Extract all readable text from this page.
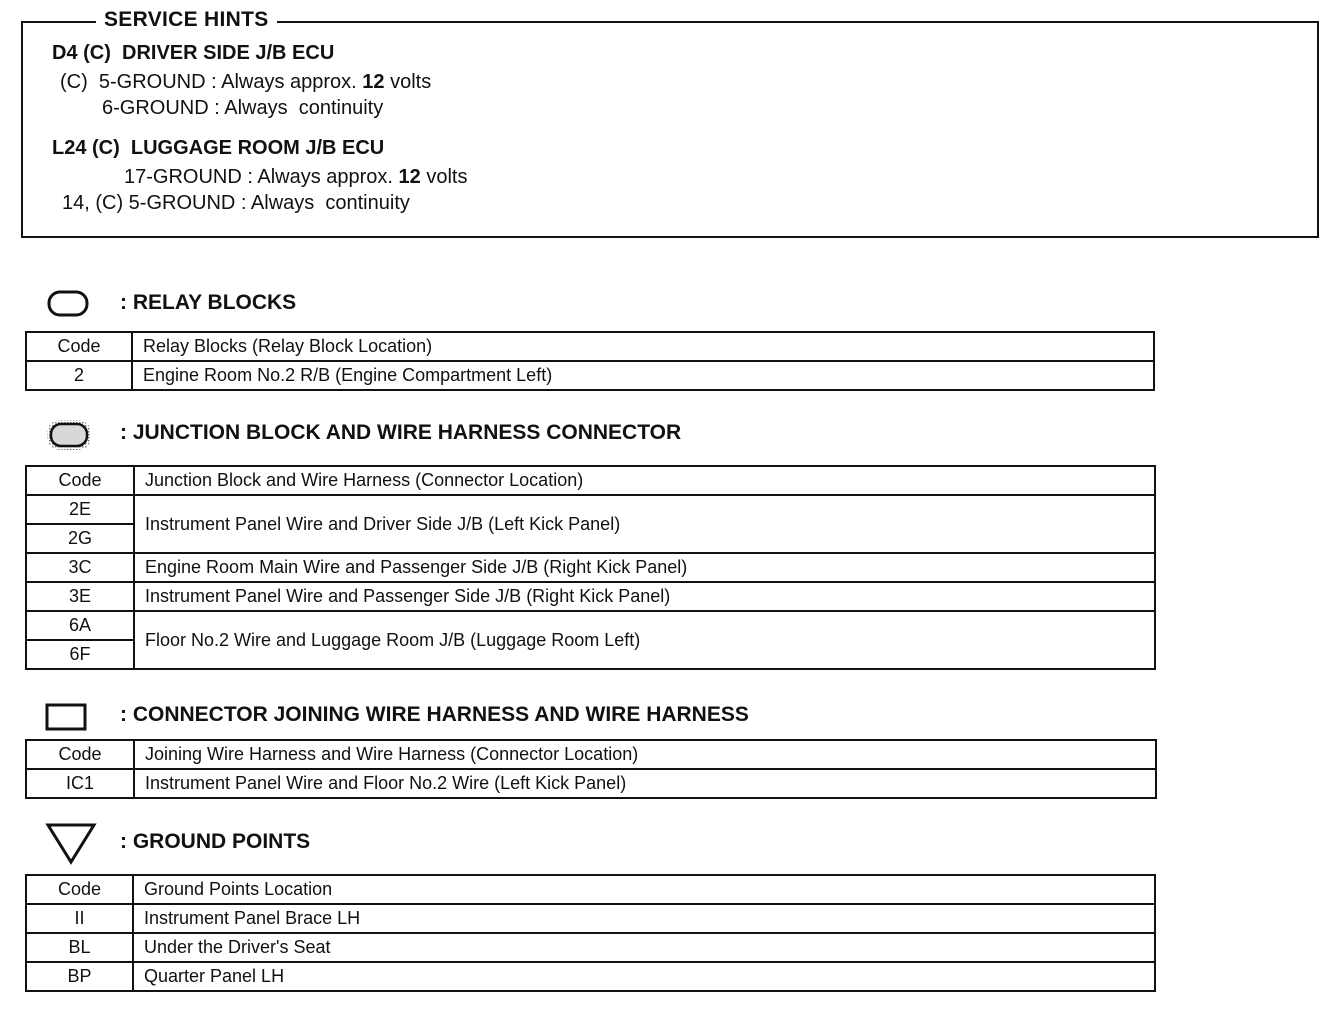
SERVICE HINTS
D4 (C)  DRIVER SIDE J/B ECU
(C)  5-GROUND : Always approx. 12 volts
6-GROUND : Always  continuity
L24 (C)  LUGGAGE ROOM J/B ECU
17-GROUND : Always approx. 12 volts
14, (C) 5-GROUND : Always  continuity
: RELAY BLOCKS
Code	Relay Blocks (Relay Block Location)
2	Engine Room No.2 R/B (Engine Compartment Left)
: JUNCTION BLOCK AND WIRE HARNESS CONNECTOR
Code	Junction Block and Wire Harness (Connector Location)
2E	Instrument Panel Wire and Driver Side J/B (Left Kick Panel)
2G	
3C	Engine Room Main Wire and Passenger Side J/B (Right Kick Panel)
3E	Instrument Panel Wire and Passenger Side J/B (Right Kick Panel)
6A	Floor No.2 Wire and Luggage Room J/B (Luggage Room Left)
6F	
: CONNECTOR JOINING WIRE HARNESS AND WIRE HARNESS
Code	Joining Wire Harness and Wire Harness (Connector Location)
IC1	Instrument Panel Wire and Floor No.2 Wire (Left Kick Panel)
: GROUND POINTS
Code	Ground Points Location
II	Instrument Panel Brace LH
BL	Under the Driver's Seat
BP	Quarter Panel LH
